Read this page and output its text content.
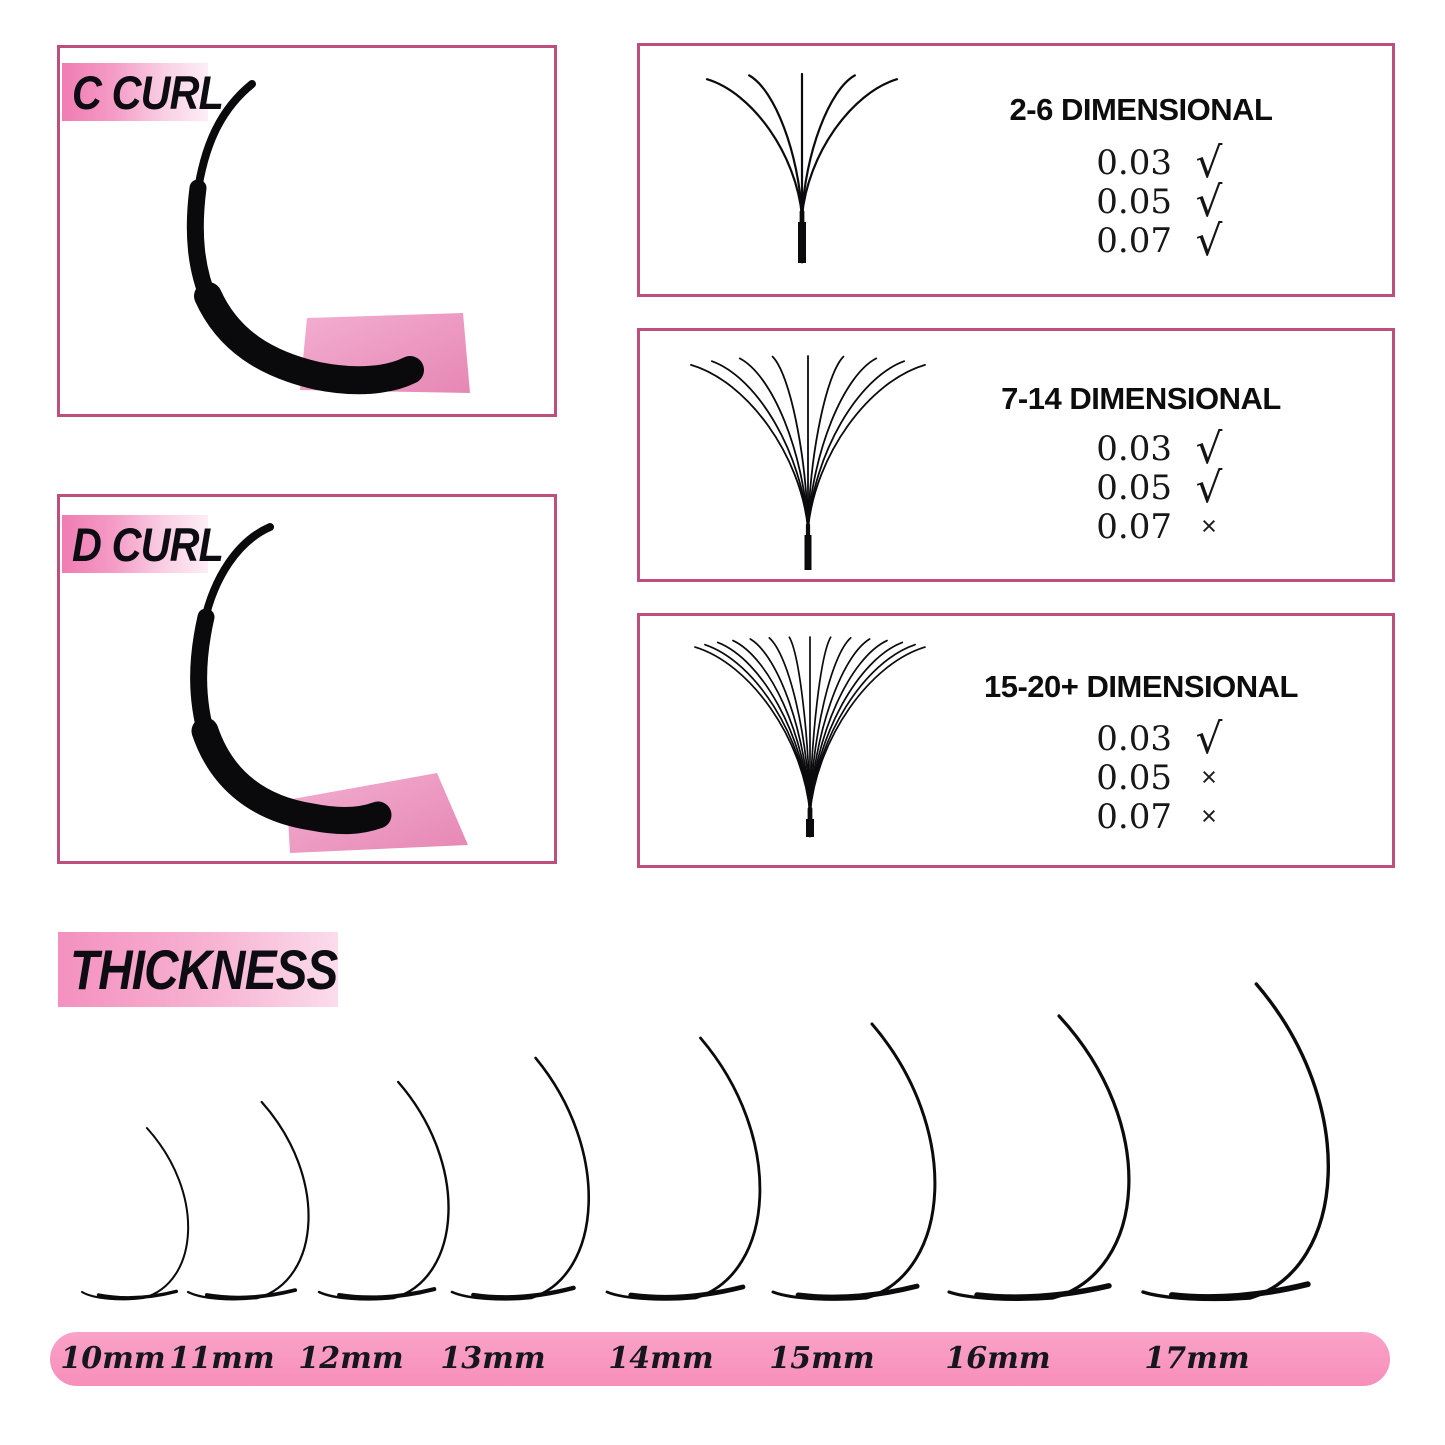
C CURL
D CURL
2-6 DIMENSIONAL
0.03 √
0.05 √
0.07 √
7-14 DIMENSIONAL
0.03 √
0.05 √
0.07	×
15-20+ DIMENSIONAL
0.03 √
0.05	×
0.07	×
THICKNESS
10mm 11mm 12mm 13mm 14mm 15mm 16mm	17mm
